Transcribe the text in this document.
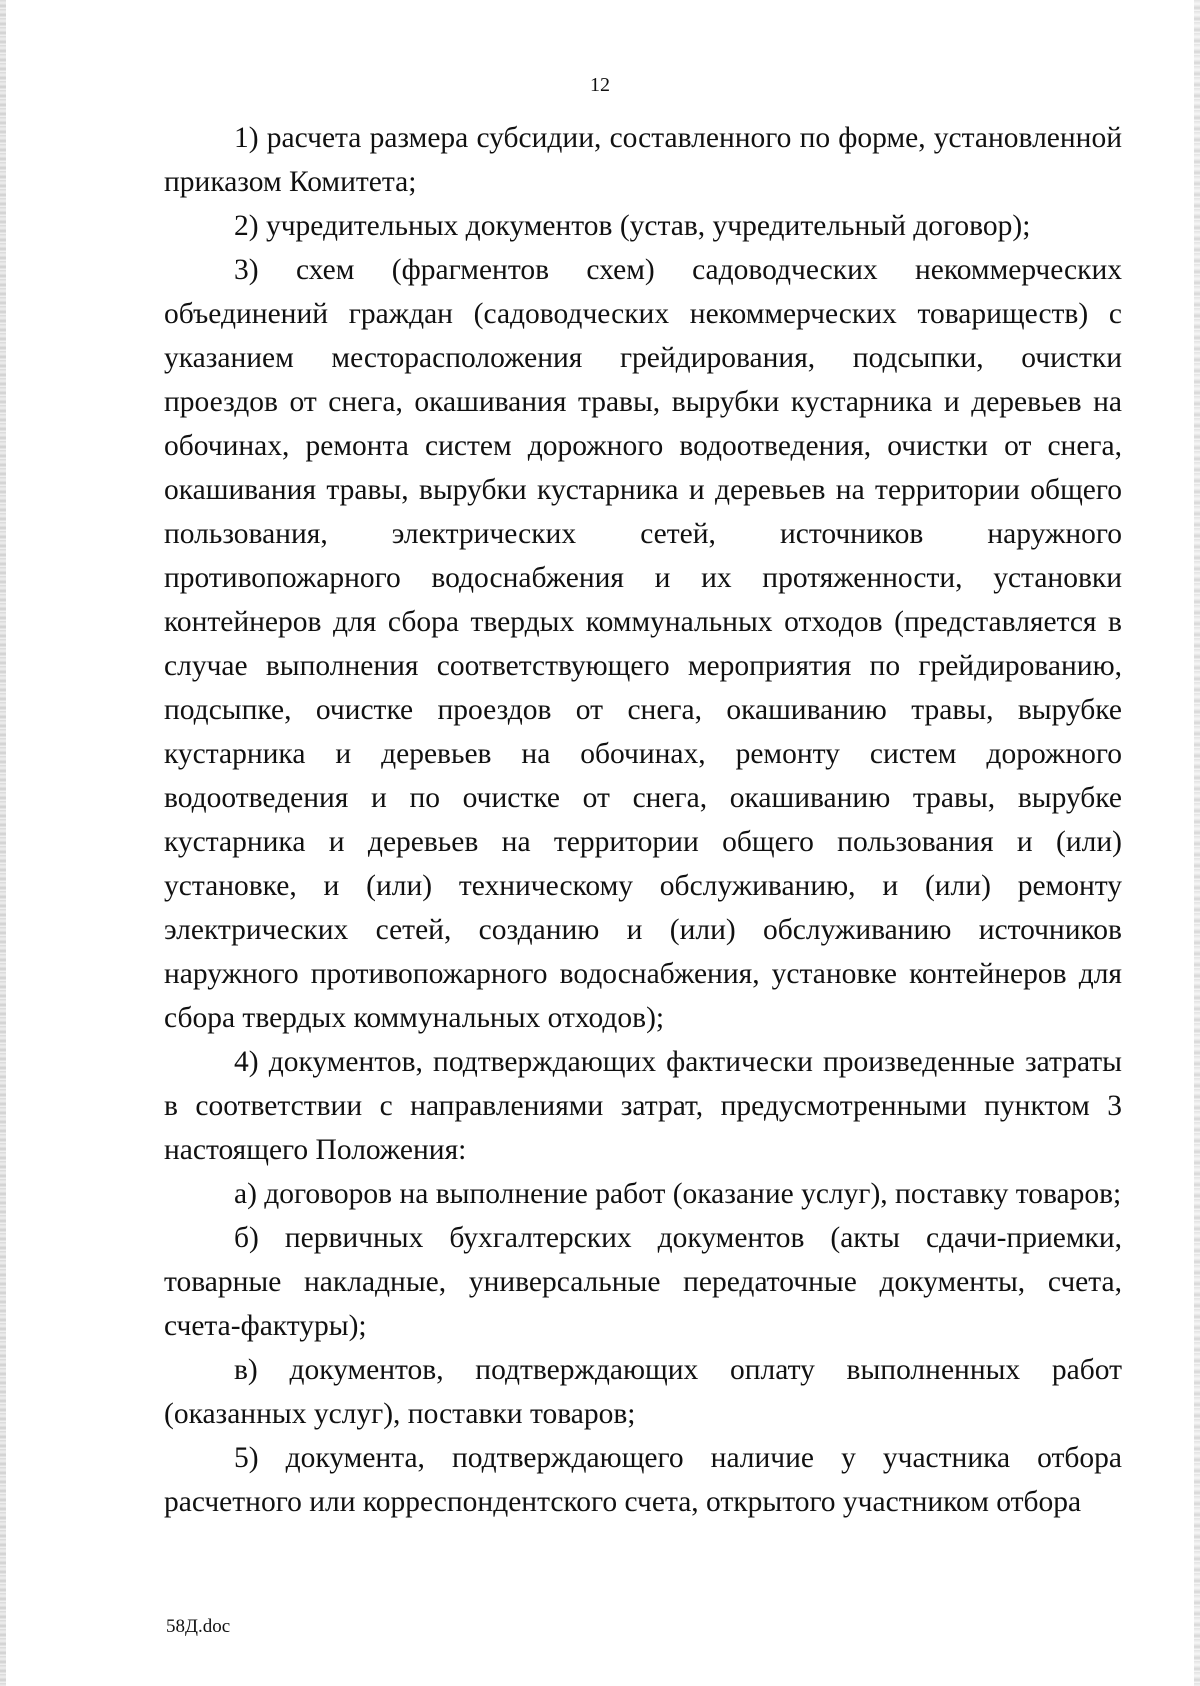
12

1) расчета размера субсидии, составленного по форме, установленной приказом Комитета;

2) учредительных документов (устав, учредительный договор);

3) схем (фрагментов схем) садоводческих некоммерческих объединений граждан (садоводческих некоммерческих товариществ) с указанием месторасположения грейдирования, подсыпки, очистки проездов от снега, окашивания травы, вырубки кустарника и деревьев на обочинах, ремонта систем дорожного водоотведения, очистки от снега, окашивания травы, вырубки кустарника и деревьев на территории общего пользования, электрических сетей, источников наружного противопожарного водоснабжения и их протяженности, установки контейнеров для сбора твердых коммунальных отходов (представляется в случае выполнения соответствующего мероприятия по грейдированию, подсыпке, очистке проездов от снега, окашиванию травы, вырубке кустарника и деревьев на обочинах, ремонту систем дорожного водоотведения и по очистке от снега, окашиванию травы, вырубке кустарника и деревьев на территории общего пользования и (или) установке, и (или) техническому обслуживанию, и (или) ремонту электрических сетей, созданию и (или) обслуживанию источников наружного противопожарного водоснабжения, установке контейнеров для сбора твердых коммунальных отходов);

4) документов, подтверждающих фактически произведенные затраты в соответствии с направлениями затрат, предусмотренными пунктом 3 настоящего Положения:

а) договоров на выполнение работ (оказание услуг), поставку товаров;

б) первичных бухгалтерских документов (акты сдачи-приемки, товарные накладные, универсальные передаточные документы, счета, счета-фактуры);

в) документов, подтверждающих оплату выполненных работ (оказанных услуг), поставки товаров;

5) документа, подтверждающего наличие у участника отбора расчетного или корреспондентского счета, открытого участником отбора

58Д.doc
